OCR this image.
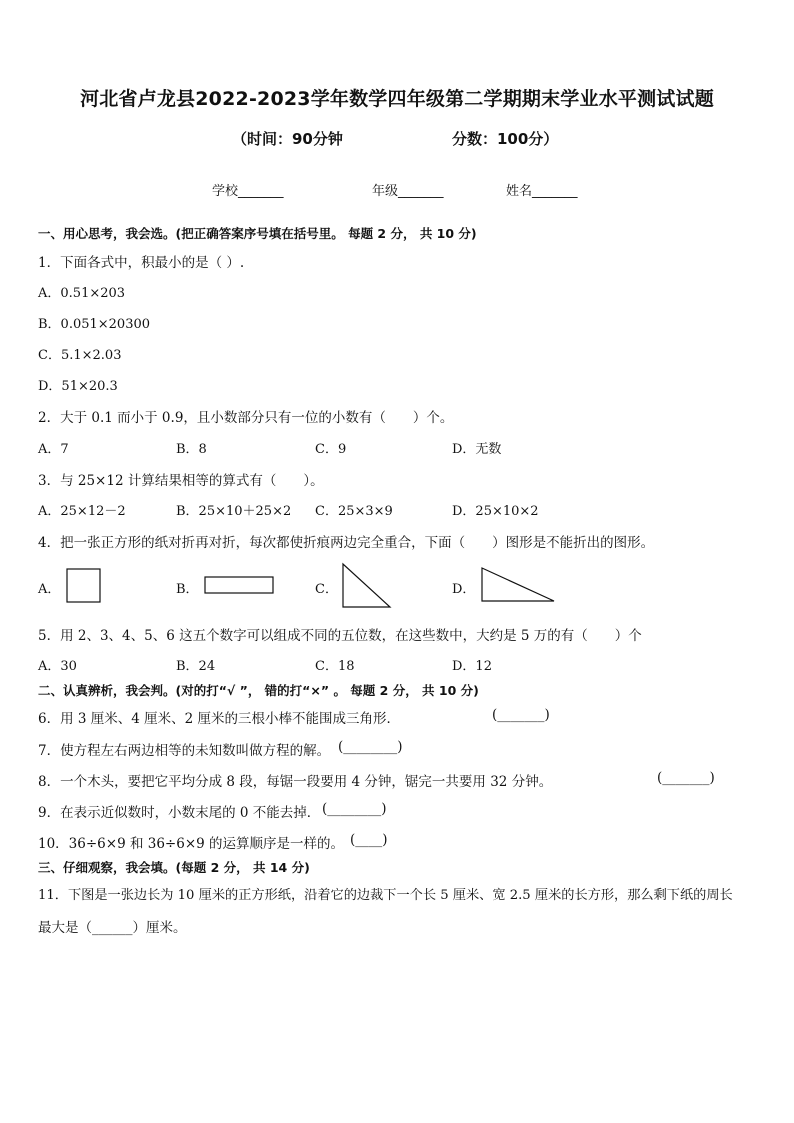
河北省卢龙县2022-2023学年数学四年级第二学期期末学业水平测试试题
（时间：90分钟	分数：100分）
学校_______	年级_______	姓名_______
一、用心思考，我会选。(把正确答案序号填在括号里。 每题 2 分， 共 10 分)
1．下面各式中，积最小的是（ ）.
A．0.51×203
B．0.051×20300
C．5.1×2.03
D．51×20.3
2．大于 0.1 而小于 0.9，且小数部分只有一位的小数有（　　）个。
A．7	B．8	C．9	D．无数
3．与 25×12 计算结果相等的算式有（　　）。
A．25×12－2	B．25×10＋25×2 C．25×3×9	D．25×10×2
4．把一张正方形的纸对折再对折，每次都使折痕两边完全重合，下面（　　）图形是不能折出的图形。
A．	B．	C．	D．
5．用 2、3、4、5、6 这五个数字可以组成不同的五位数，在这些数中，大约是 5 万的有（　　）个
A．30	B．24	C．18	D．12
二、认真辨析，我会判。(对的打“√ ”， 错的打“×” 。 每题 2 分， 共 10 分)
6．用 3 厘米、4 厘米、2 厘米的三根小棒不能围成三角形．	(_______)
7．使方程左右两边相等的未知数叫做方程的解。 (________)
8．一个木头，要把它平均分成 8 段，每锯一段要用 4 分钟，锯完一共要用 32 分钟。	(_______)
9．在表示近似数时，小数末尾的 0 不能去掉． (________)
10．36÷6×9 和 36÷6×9 的运算顺序是一样的。 (____)
三、仔细观察，我会填。(每题 2 分， 共 14 分)
11．下图是一张边长为 10 厘米的正方形纸，沿着它的边裁下一个长 5 厘米、宽 2.5 厘米的长方形，那么剩下纸的周长
最大是（______）厘米。
